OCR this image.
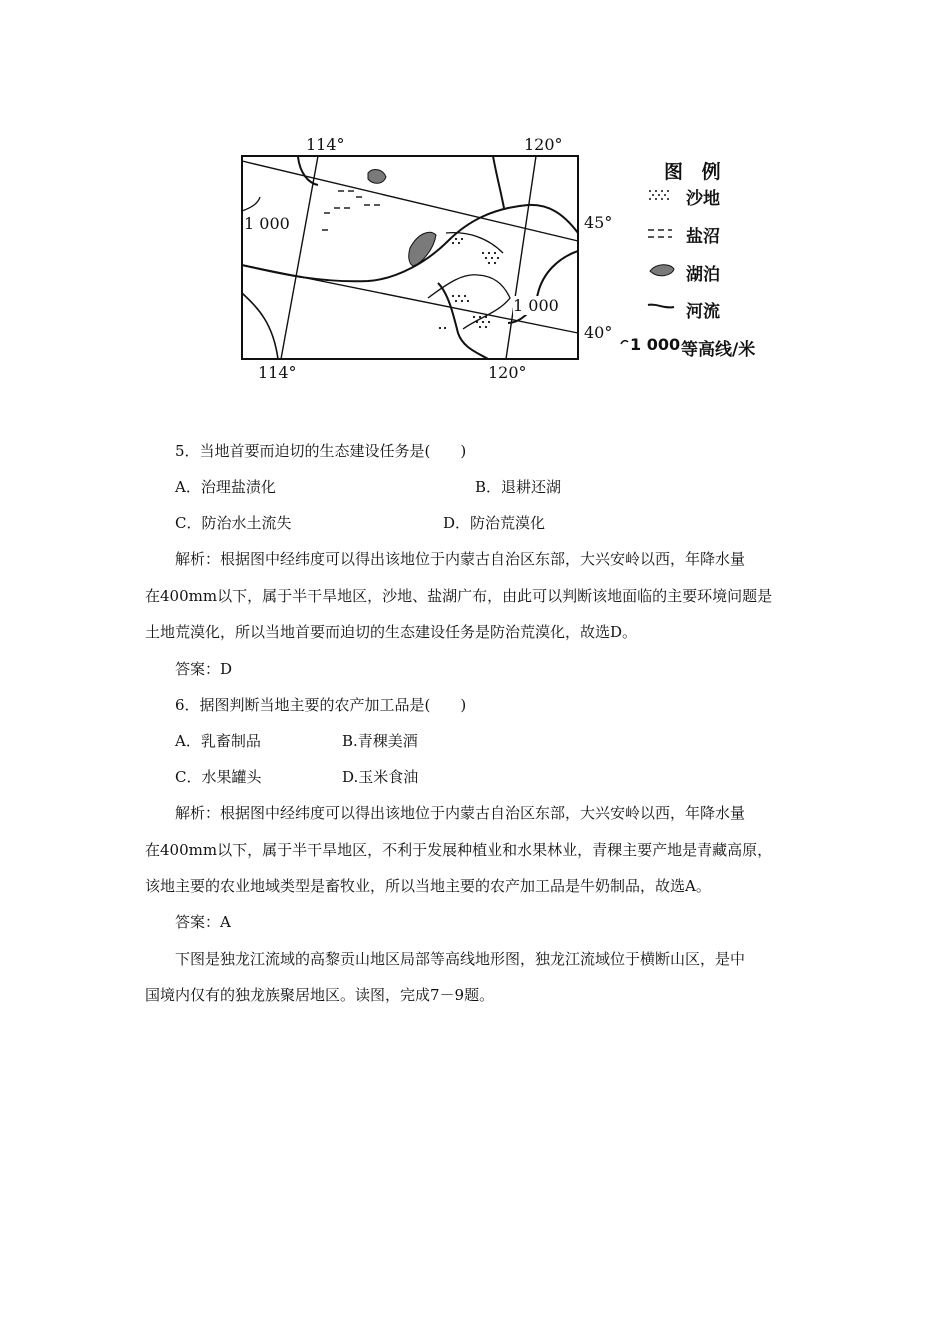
114°	120°
114°	120°
45°
40°
1 000
1 000
图 例
沙地
盐沼
湖泊
河流
1 000 等高线/米
5．当地首要而迫切的生态建设任务是(　　)
A．治理盐渍化	B．退耕还湖
C．防治水土流失	D．防治荒漠化
解析：根据图中经纬度可以得出该地位于内蒙古自治区东部，大兴安岭以西，年降水量
在400mm以下，属于半干旱地区，沙地、盐湖广布，由此可以判断该地面临的主要环境问题是
土地荒漠化，所以当地首要而迫切的生态建设任务是防治荒漠化，故选D。
答案：D
6．据图判断当地主要的农产加工品是(　　)
A．乳畜制品	B.青稞美酒
C．水果罐头	D.玉米食油
解析：根据图中经纬度可以得出该地位于内蒙古自治区东部，大兴安岭以西，年降水量
在400mm以下，属于半干旱地区，不利于发展种植业和水果林业，青稞主要产地是青藏高原，
该地主要的农业地域类型是畜牧业，所以当地主要的农产加工品是牛奶制品，故选A。
答案：A
下图是独龙江流域的高黎贡山地区局部等高线地形图，独龙江流域位于横断山区，是中
国境内仅有的独龙族聚居地区。读图，完成7－9题。
